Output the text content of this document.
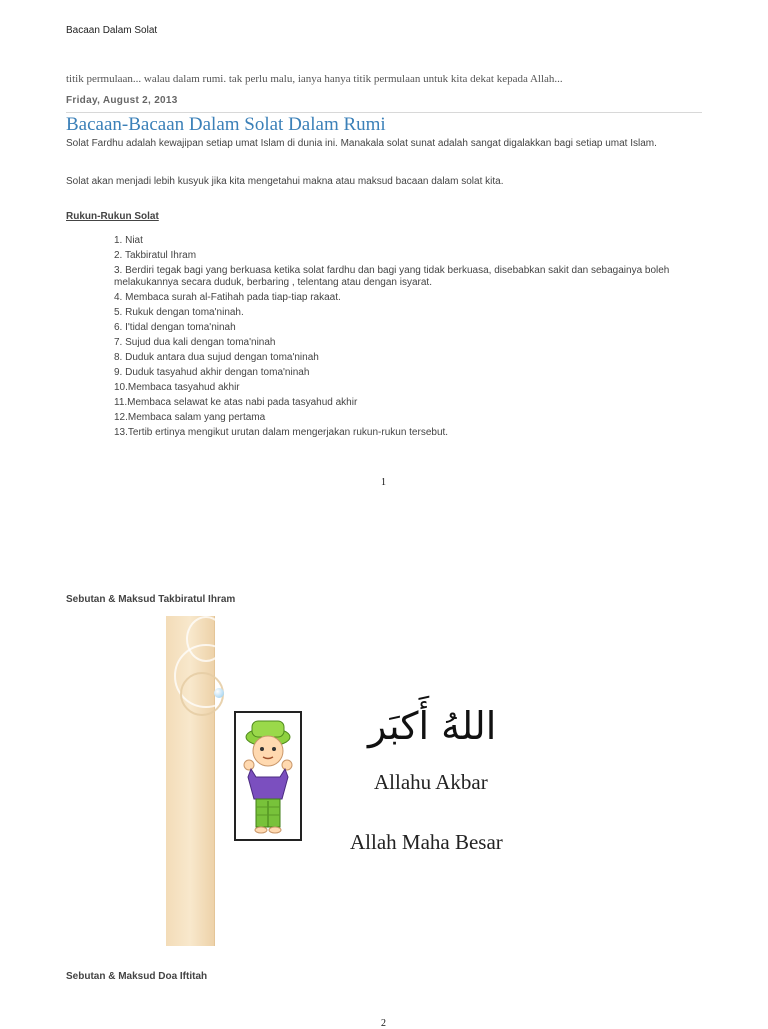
Bacaan Dalam Solat
titik permulaan... walau dalam rumi. tak perlu malu, ianya hanya titik permulaan untuk kita dekat kepada Allah...
Friday, August 2, 2013
Bacaan-Bacaan Dalam Solat Dalam Rumi
Solat Fardhu adalah kewajipan setiap umat Islam di dunia ini. Manakala solat sunat adalah sangat digalakkan bagi setiap umat Islam.
Solat akan menjadi lebih kusyuk jika kita mengetahui makna atau maksud bacaan dalam solat kita.
Rukun-Rukun Solat
1. Niat
2. Takbiratul Ihram
3. Berdiri tegak bagi yang berkuasa ketika solat fardhu dan bagi yang tidak berkuasa, disebabkan sakit dan sebagainya boleh melakukannya secara duduk, berbaring , telentang atau dengan isyarat.
4. Membaca surah al-Fatihah pada tiap-tiap rakaat.
5. Rukuk dengan toma'ninah.
6. I'tidal dengan toma'ninah
7. Sujud dua kali dengan toma'ninah
8. Duduk antara dua sujud dengan toma'ninah
9. Duduk tasyahud akhir dengan toma'ninah
10.Membaca tasyahud akhir
11.Membaca selawat ke atas nabi pada tasyahud akhir
12.Membaca salam yang pertama
13.Tertib ertinya mengikut urutan dalam mengerjakan rukun-rukun tersebut.
1
Sebutan & Maksud Takbiratul Ihram
اللهُ أَكبَر
Allahu Akbar
Allah Maha Besar
Sebutan & Maksud Doa Iftitah
2
